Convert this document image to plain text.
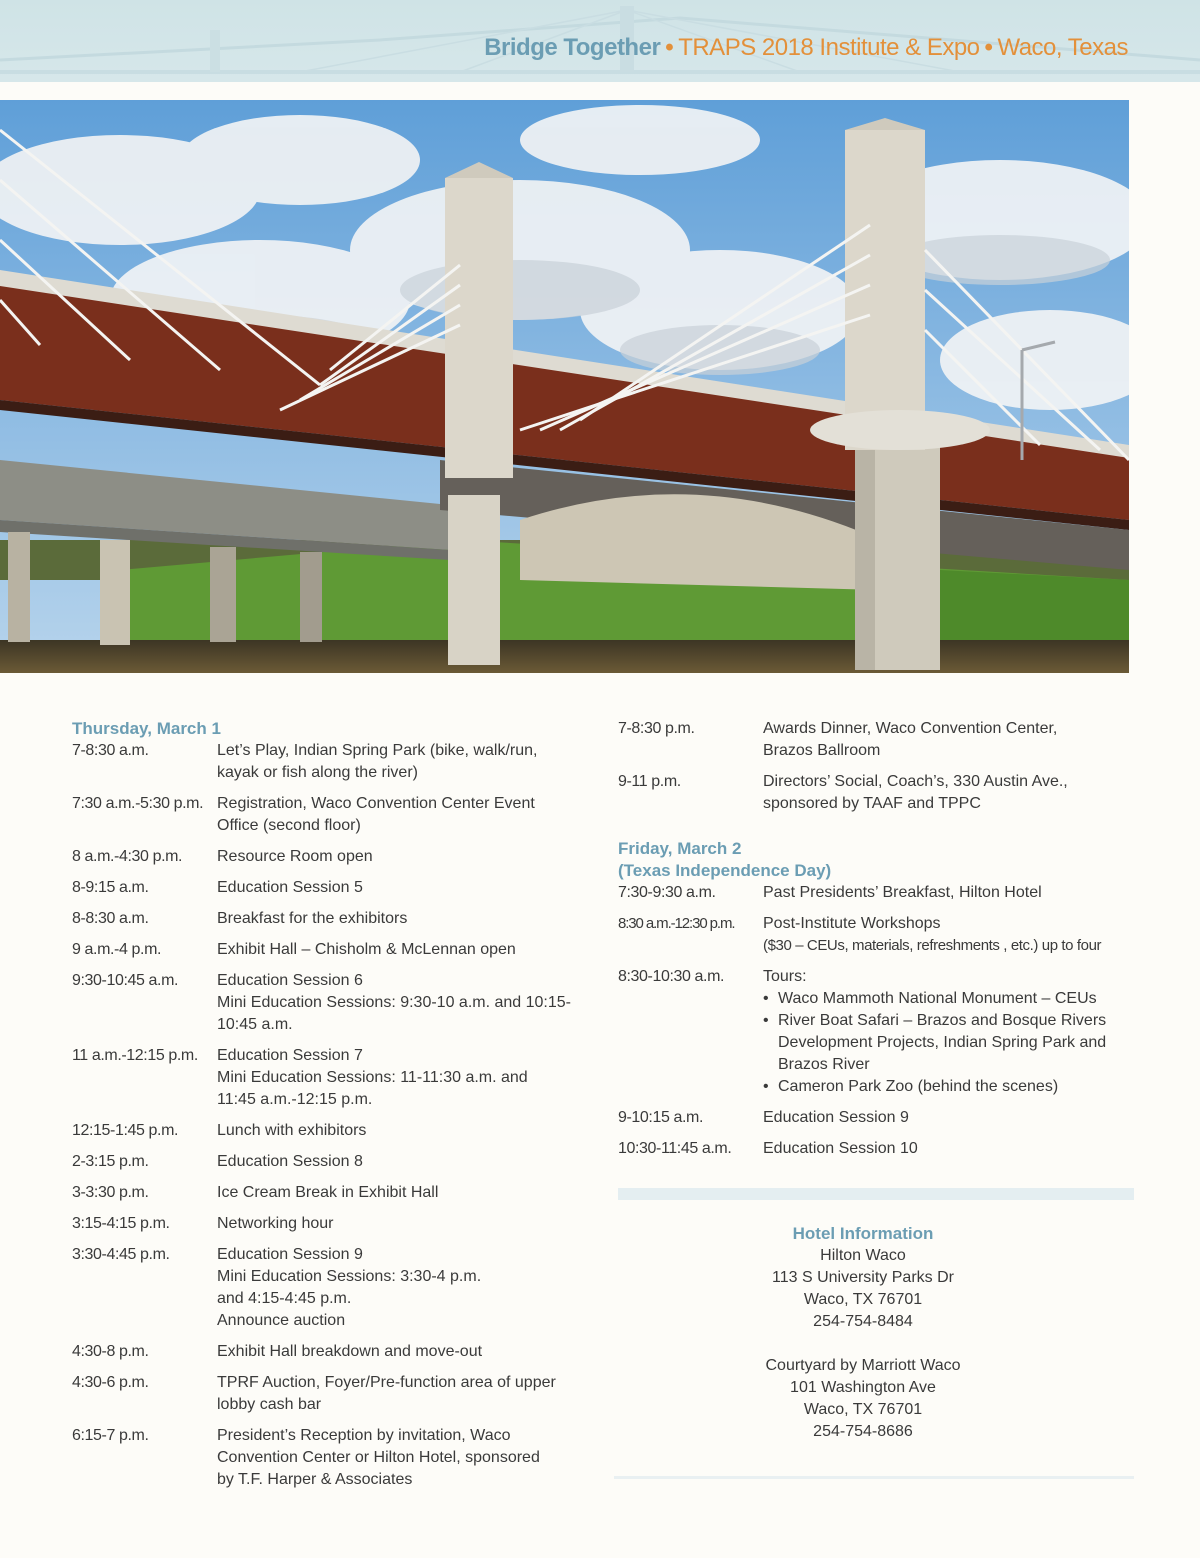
Bridge Together • TRAPS 2018 Institute & Expo • Waco, Texas
Thursday, March 1
7-8:30 a.m.	Let’s Play, Indian Spring Park (bike, walk/run,
kayak or fish along the river)
7:30 a.m.-5:30 p.m. Registration, Waco Convention Center Event
Office (second floor)
8 a.m.-4:30 p.m.	Resource Room open
8-9:15 a.m.	Education Session 5
8-8:30 a.m.	Breakfast for the exhibitors
9 a.m.-4 p.m.	Exhibit Hall – Chisholm & McLennan open
9:30-10:45 a.m.	Education Session 6
Mini Education Sessions: 9:30-10 a.m. and 10:15-
10:45 a.m.
11 a.m.-12:15 p.m.	Education Session 7
Mini Education Sessions: 11-11:30 a.m. and
11:45 a.m.-12:15 p.m.
12:15-1:45 p.m.	Lunch with exhibitors
2-3:15 p.m.	Education Session 8
3-3:30 p.m.	Ice Cream Break in Exhibit Hall
3:15-4:15 p.m.	Networking hour
3:30-4:45 p.m.	Education Session 9
Mini Education Sessions: 3:30-4 p.m.
and 4:15-4:45 p.m.
Announce auction
4:30-8 p.m.	Exhibit Hall breakdown and move-out
4:30-6 p.m.	TPRF Auction, Foyer/Pre-function area of upper
lobby cash bar
6:15-7 p.m.	President’s Reception by invitation, Waco
Convention Center or Hilton Hotel, sponsored
by T.F. Harper & Associates
7-8:30 p.m.	Awards Dinner, Waco Convention Center,
Brazos Ballroom
9-11 p.m.	Directors’ Social, Coach’s, 330 Austin Ave.,
sponsored by TAAF and TPPC
Friday, March 2
(Texas Independence Day)
7:30-9:30 a.m.	Past Presidents’ Breakfast, Hilton Hotel
8:30 a.m.-12:30 p.m.	Post-Institute Workshops
($30 – CEUs, materials, refreshments , etc.) up to four
8:30-10:30 a.m.	Tours:
• Waco Mammoth National Monument – CEUs
• River Boat Safari – Brazos and Bosque Rivers
Development Projects, Indian Spring Park and
Brazos River
• Cameron Park Zoo (behind the scenes)
9-10:15 a.m.	Education Session 9
10:30-11:45 a.m.	Education Session 10
Hotel Information
Hilton Waco
113 S University Parks Dr
Waco, TX 76701
254-754-8484
Courtyard by Marriott Waco
101 Washington Ave
Waco, TX 76701
254-754-8686
